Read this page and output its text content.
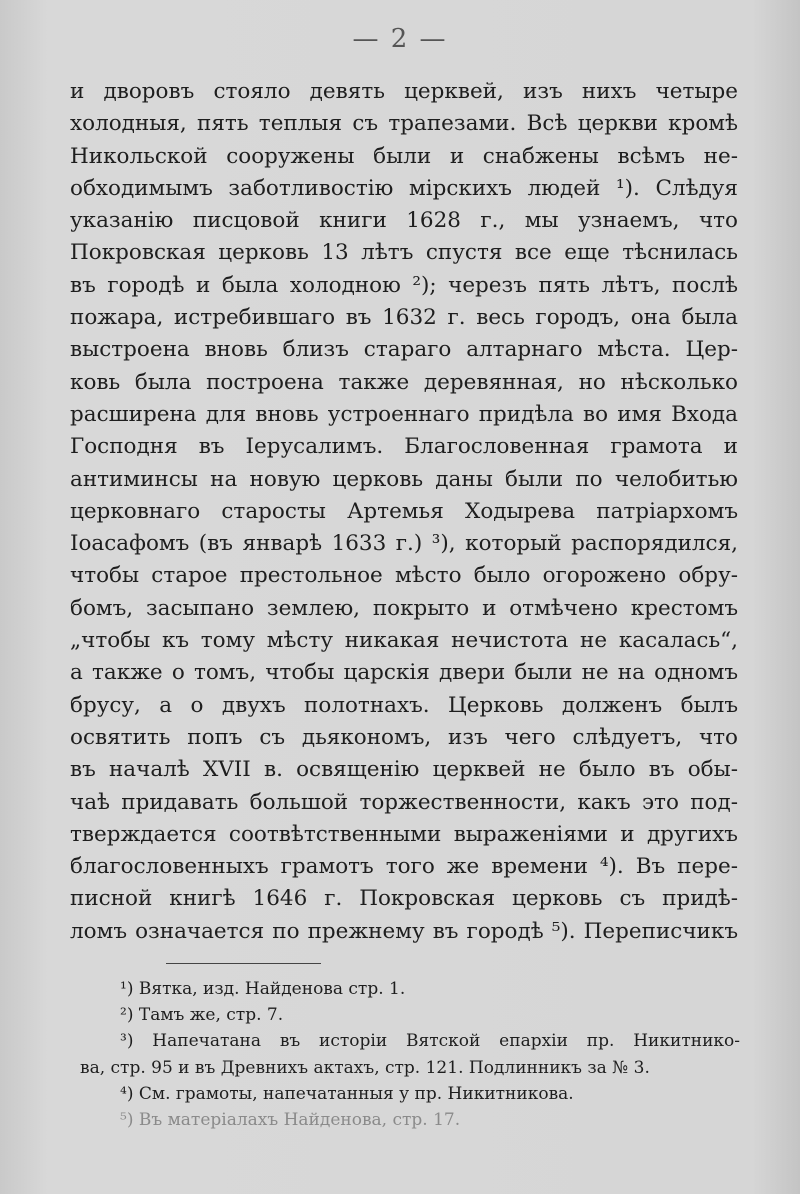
— 2 —
и дворовъ стояло девять церквей, изъ нихъ четыре
холодныя, пять теплыя съ трапезами. Всѣ церкви кромѣ
Никольской сооружены были и снабжены всѣмъ не-
обходимымъ заботливостію мірскихъ людей ¹). Слѣдуя
указанію писцовой книги 1628 г., мы узнаемъ, что
Покровская церковь 13 лѣтъ спустя все еще тѣснилась
въ городѣ и была холодною ²); черезъ пять лѣтъ, послѣ
пожара, истребившаго въ 1632 г. весь городъ, она была
выстроена вновь близъ стараго алтарнаго мѣста. Цер-
ковь была построена также деревянная, но нѣсколько
расширена для вновь устроеннаго придѣла во имя Входа
Господня въ Іерусалимъ. Благословенная грамота и
антиминсы на новую церковь даны были по челобитью
церковнаго старосты Артемья Ходырева патріархомъ
Іоасафомъ (въ январѣ 1633 г.) ³), который распорядился,
чтобы старое престольное мѣсто было огорожено обру-
бомъ, засыпано землею, покрыто и отмѣчено крестомъ
„чтобы къ тому мѣсту никакая нечистота не касалась“,
а также о томъ, чтобы царскія двери были не на одномъ
брусу, а о двухъ полотнахъ. Церковь долженъ былъ
освятить попъ съ дьякономъ, изъ чего слѣдуетъ, что
въ началѣ XVII в. освященію церквей не было въ обы-
чаѣ придавать большой торжественности, какъ это под-
тверждается соотвѣтственными выраженіями и другихъ
благословенныхъ грамотъ того же времени ⁴). Въ пере-
писной книгѣ 1646 г. Покровская церковь съ придѣ-
ломъ означается по прежнему въ городѣ ⁵). Переписчикъ
¹) Вятка, изд. Найденова стр. 1.
²) Тамъ же, стр. 7.
³) Напечатана въ исторіи Вятской епархіи пр. Никитнико-
ва, стр. 95 и въ Древнихъ актахъ, стр. 121. Подлинникъ за № 3.
⁴) См. грамоты, напечатанныя у пр. Никитникова.
⁵) Въ матеріалахъ Найденова, стр. 17.
